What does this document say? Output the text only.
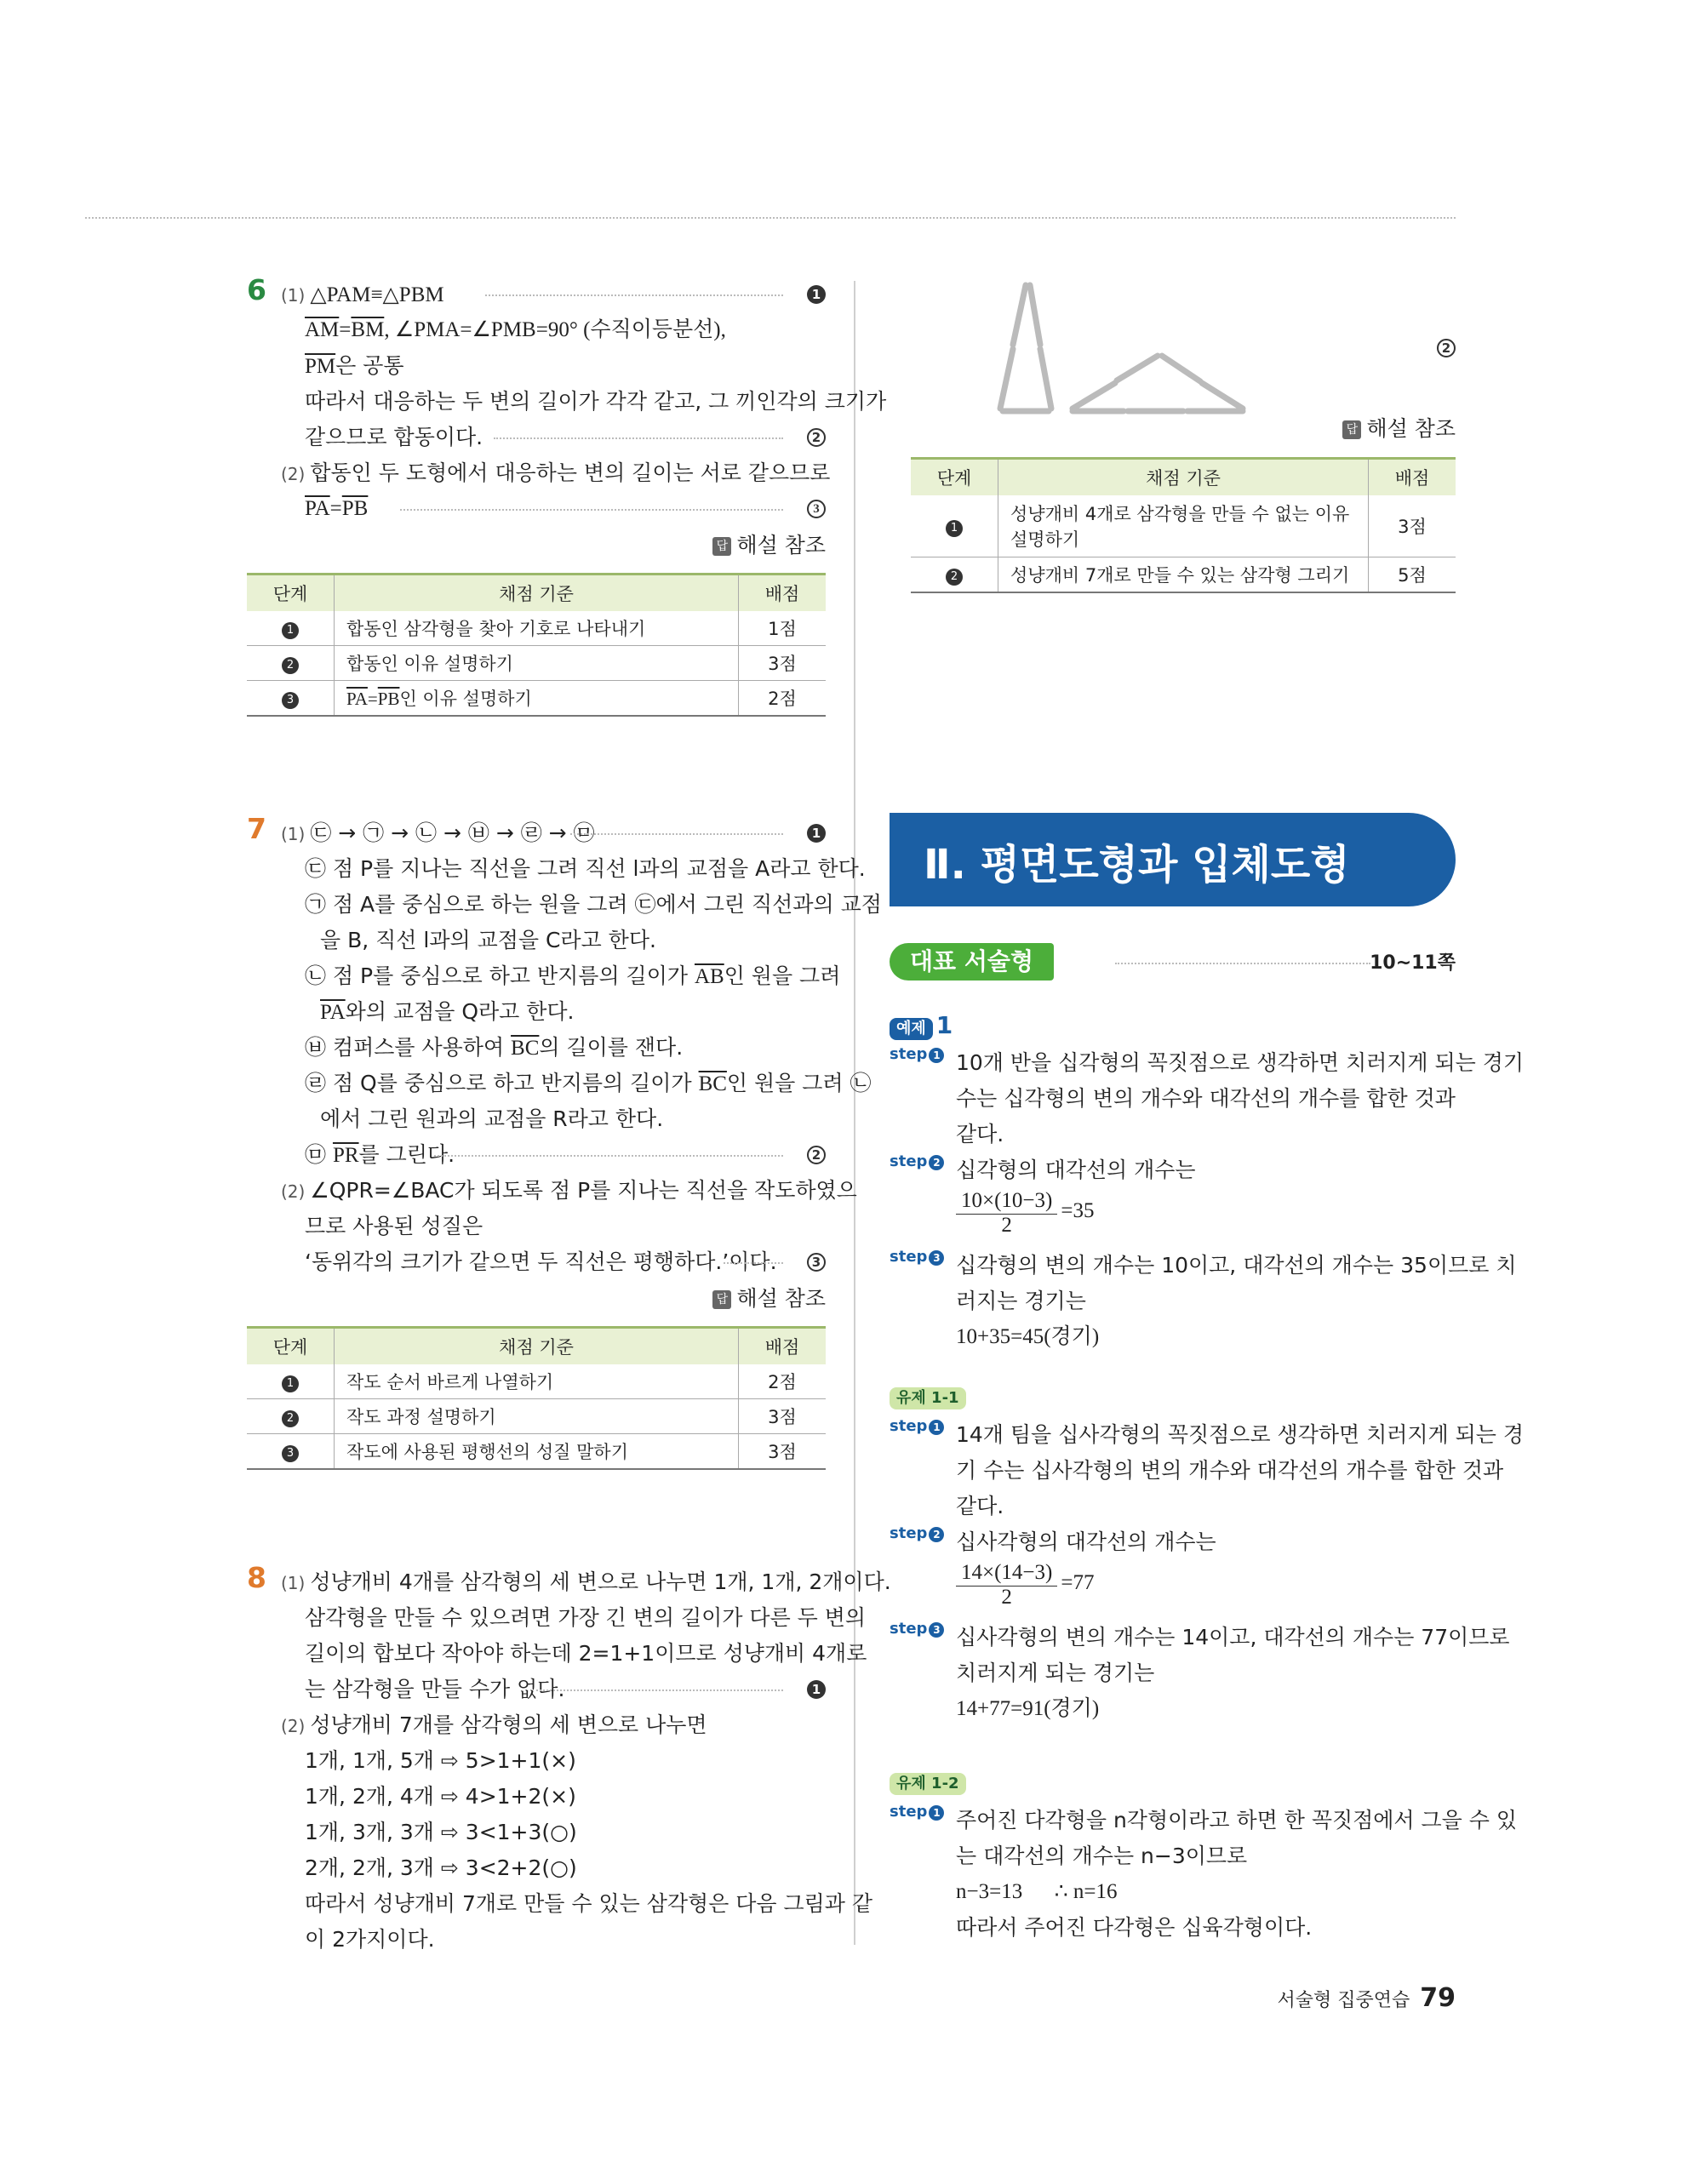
6 (1) △PAM≡△PBM	1
$\overline{AM}=\overline{BM}$, ∠PMA=∠PMB=90° (수직이등분선),
$\overline{PM}$은 공통
따라서 대응하는 두 변의 길이가 각각 같고, 그 끼인각의 크기가
같으므로 합동이다.	2
(2) 합동인 두 도형에서 대응하는 변의 길이는 서로 같으므로
$\overline{PA}=\overline{PB}$	3
답 해설 참조
단계	채점 기준	배점
1	합동인 삼각형을 찾아 기호로 나타내기	1점
2	합동인 이유 설명하기	3점
3	$\overline{PA}=\overline{PB}$인 이유 설명하기	2점
7 (1) ㉢ → ㉠ → ㉡ → ㉥ → ㉣ → ㉤	1
㉢ 점 P를 지나는 직선을 그려 직선 l과의 교점을 A라고 한다.
㉠ 점 A를 중심으로 하는 원을 그려 ㉢에서 그린 직선과의 교점
을 B, 직선 l과의 교점을 C라고 한다.
㉡ 점 P를 중심으로 하고 반지름의 길이가 $\overline{AB}$인 원을 그려
$\overline{PA}$와의 교점을 Q라고 한다.
㉥ 컴퍼스를 사용하여 $\overline{BC}$의 길이를 잰다.
㉣ 점 Q를 중심으로 하고 반지름의 길이가 $\overline{BC}$인 원을 그려 ㉡
에서 그린 원과의 교점을 R라고 한다.
㉤ $\overline{PR}$를 그린다.	2
(2) ∠QPR=∠BAC가 되도록 점 P를 지나는 직선을 작도하였으
므로 사용된 성질은
‘동위각의 크기가 같으면 두 직선은 평행하다.’이다.	3
답 해설 참조
단계	채점 기준	배점
1	작도 순서 바르게 나열하기	2점
2	작도 과정 설명하기	3점
3	작도에 사용된 평행선의 성질 말하기	3점
8 (1) 성냥개비 4개를 삼각형의 세 변으로 나누면 1개, 1개, 2개이다.
삼각형을 만들 수 있으려면 가장 긴 변의 길이가 다른 두 변의
길이의 합보다 작아야 하는데 2=1+1이므로 성냥개비 4개로
는 삼각형을 만들 수가 없다.	1
(2) 성냥개비 7개를 삼각형의 세 변으로 나누면
1개, 1개, 5개 ⇨ 5>1+1(×)
1개, 2개, 4개 ⇨ 4>1+2(×)
1개, 3개, 3개 ⇨ 3<1+3(○)
2개, 2개, 3개 ⇨ 3<2+2(○)
따라서 성냥개비 7개로 만들 수 있는 삼각형은 다음 그림과 같
이 2가지이다.
2
답 해설 참조
단계	채점 기준	배점
1	성냥개비 4개로 삼각형을 만들 수 없는 이유
설명하기	3점
2	성냥개비 7개로 만들 수 있는 삼각형 그리기	5점
Ⅱ. 평면도형과 입체도형
대표 서술형	10~11쪽
예제 1
step 1 10개 반을 십각형의 꼭짓점으로 생각하면 치러지게 되는 경기
수는 십각형의 변의 개수와 대각선의 개수를 합한 것과
같다.
step 2 십각형의 대각선의 개수는
$\frac{10\times(10-3)}{2} =35$
step 3 십각형의 변의 개수는 10이고, 대각선의 개수는 35이므로 치
러지는 경기는
10+35=45(경기)
유제 1-1
step 1 14개 팀을 십사각형의 꼭짓점으로 생각하면 치러지게 되는 경
기 수는 십사각형의 변의 개수와 대각선의 개수를 합한 것과
같다.
step 2 십사각형의 대각선의 개수는
$\frac{14\times(14-3)}{2} =77$
step 3 십사각형의 변의 개수는 14이고, 대각선의 개수는 77이므로
치러지게 되는 경기는
14+77=91(경기)
유제 1-2
step 1 주어진 다각형을 n각형이라고 하면 한 꼭짓점에서 그을 수 있
는 대각선의 개수는 n−3이므로
n−3=13      ∴ n=16
따라서 주어진 다각형은 십육각형이다.
서술형 집중연습 79
